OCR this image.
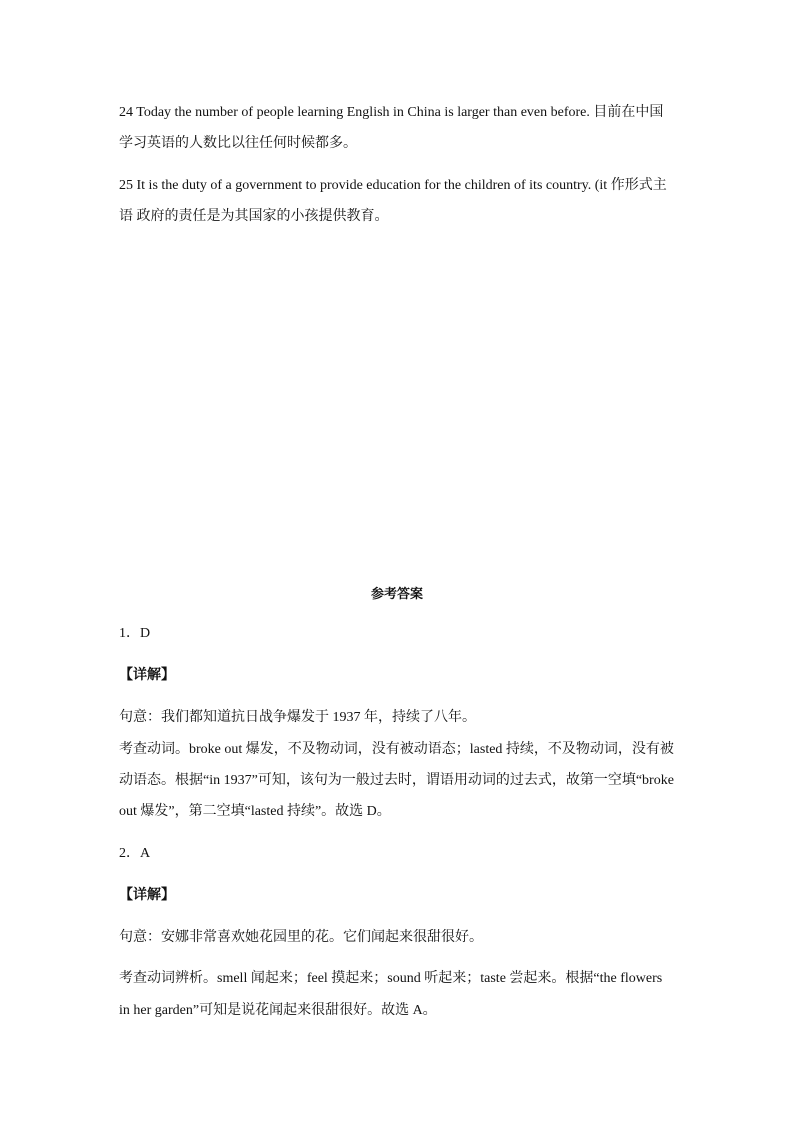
24 Today the number of people learning English in China is larger than even before. 目前在中国
学习英语的人数比以往任何时候都多。
25 It is the duty of a government to provide education for the children of its country. (it 作形式主
语 政府的责任是为其国家的小孩提供教育。
参考答案
1．D
【详解】
句意：我们都知道抗日战争爆发于 1937 年，持续了八年。
考查动词。broke out 爆发，不及物动词，没有被动语态；lasted 持续，不及物动词，没有被
动语态。根据“in 1937”可知，该句为一般过去时，谓语用动词的过去式，故第一空填“broke
out 爆发”，第二空填“lasted 持续”。故选 D。
2．A
【详解】
句意：安娜非常喜欢她花园里的花。它们闻起来很甜很好。
考查动词辨析。smell 闻起来；feel 摸起来；sound 听起来；taste 尝起来。根据“the flowers
in her garden”可知是说花闻起来很甜很好。故选 A。
